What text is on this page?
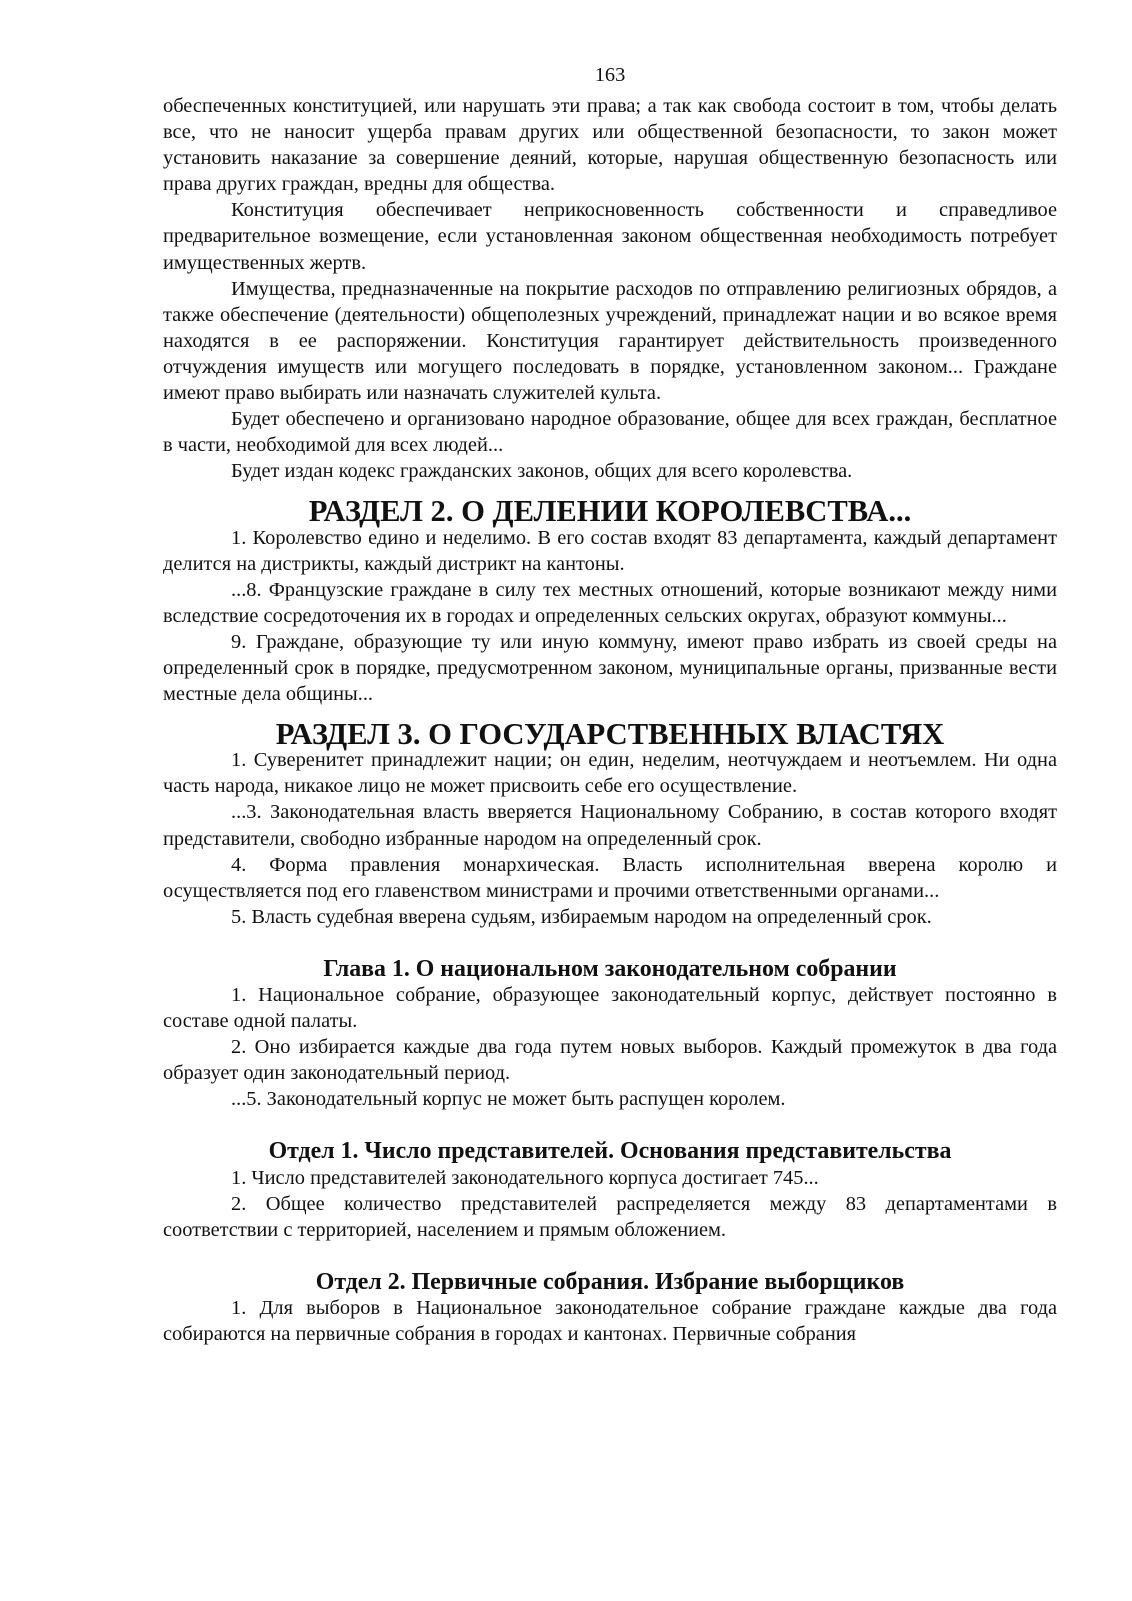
163

обеспеченных конституцией, или нарушать эти права; а так как свобода состоит в том, чтобы делать все, что не наносит ущерба правам других или общественной безопасности, то закон может установить наказание за совершение деяний, которые, нарушая общественную безопасность или права других граждан, вредны для общества.

Конституция обеспечивает неприкосновенность собственности и справедливое предварительное возмещение, если установленная законом общественная необходимость потребует имущественных жертв.

Имущества, предназначенные на покрытие расходов по отправлению религиозных обрядов, а также обеспечение (деятельности) общеполезных учреждений, принадлежат нации и во всякое время находятся в ее распоряжении. Конституция гарантирует действительность произведенного отчуждения имуществ или могущего последовать в порядке, установленном законом... Граждане имеют право выбирать или назначать служителей культа.

Будет обеспечено и организовано народное образование, общее для всех граждан, бесплатное в части, необходимой для всех людей...

Будет издан кодекс гражданских законов, общих для всего королевства.

РАЗДЕЛ 2. О ДЕЛЕНИИ КОРОЛЕВСТВА...

1. Королевство едино и неделимо. В его состав входят 83 департамента, каждый департамент делится на дистрикты, каждый дистрикт на кантоны.

...8. Французские граждане в силу тех местных отношений, которые возникают между ними вследствие сосредоточения их в городах и определенных сельских округах, образуют коммуны...

9. Граждане, образующие ту или иную коммуну, имеют право избрать из своей среды на определенный срок в порядке, предусмотренном законом, муниципальные органы, призванные вести местные дела общины...

РАЗДЕЛ 3. О ГОСУДАРСТВЕННЫХ ВЛАСТЯХ

1. Суверенитет принадлежит нации; он един, неделим, неотчуждаем и неотъемлем. Ни одна часть народа, никакое лицо не может присвоить себе его осуществление.

...3. Законодательная власть вверяется Национальному Собранию, в состав которого входят представители, свободно избранные народом на определенный срок.

4. Форма правления монархическая. Власть исполнительная вверена королю и осуществляется под его главенством министрами и прочими ответственными органами...

5. Власть судебная вверена судьям, избираемым народом на определенный срок.

Глава 1. О национальном законодательном собрании

1. Национальное собрание, образующее законодательный корпус, действует постоянно в составе одной палаты.

2. Оно избирается каждые два года путем новых выборов. Каждый промежуток в два года образует один законодательный период.

...5. Законодательный корпус не может быть распущен королем.

Отдел 1. Число представителей. Основания представительства

1. Число представителей законодательного корпуса достигает 745...

2. Общее количество представителей распределяется между 83 департаментами в соответствии с территорией, населением и прямым обложением.

Отдел 2. Первичные собрания. Избрание выборщиков

1. Для выборов в Национальное законодательное собрание граждане каждые два года собираются на первичные собрания в городах и кантонах. Первичные собрания
